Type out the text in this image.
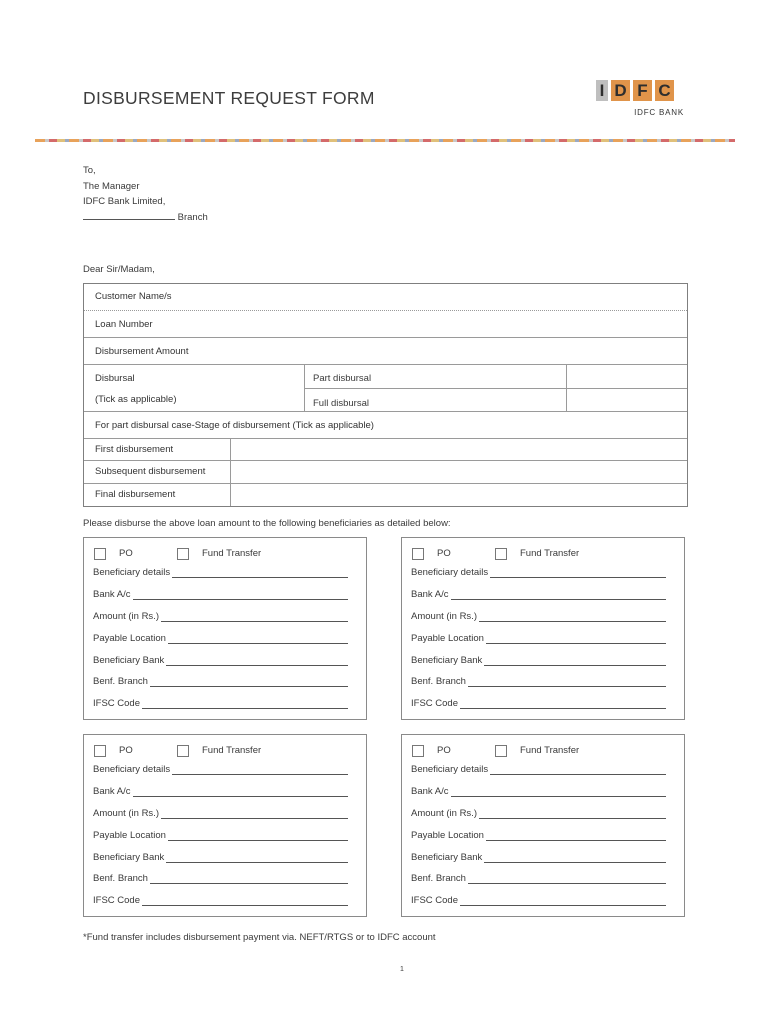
DISBURSEMENT REQUEST FORM	I D F C
IDFC BANK
To,
The Manager
IDFC Bank Limited,
Branch
Dear Sir/Madam,
Customer Name/s
Loan Number
Disbursement Amount
Disbursal
(Tick as applicable)
Part disbursal
Full disbursal
For part disbursal case-Stage of disbursement (Tick as applicable)
First disbursement
Subsequent disbursement
Final disbursement
Please disburse the above loan amount to the following beneficiaries as detailed below:
PO	Fund Transfer
Beneficiary details
Bank A/c
Amount (in Rs.)
Payable Location
Beneficiary Bank
Benf. Branch
IFSC Code
PO	Fund Transfer
Beneficiary details
Bank A/c
Amount (in Rs.)
Payable Location
Beneficiary Bank
Benf. Branch
IFSC Code
PO	Fund Transfer
Beneficiary details
Bank A/c
Amount (in Rs.)
Payable Location
Beneficiary Bank
Benf. Branch
IFSC Code
PO	Fund Transfer
Beneficiary details
Bank A/c
Amount (in Rs.)
Payable Location
Beneficiary Bank
Benf. Branch
IFSC Code
*Fund transfer includes disbursement payment via. NEFT/RTGS or to IDFC account
1
